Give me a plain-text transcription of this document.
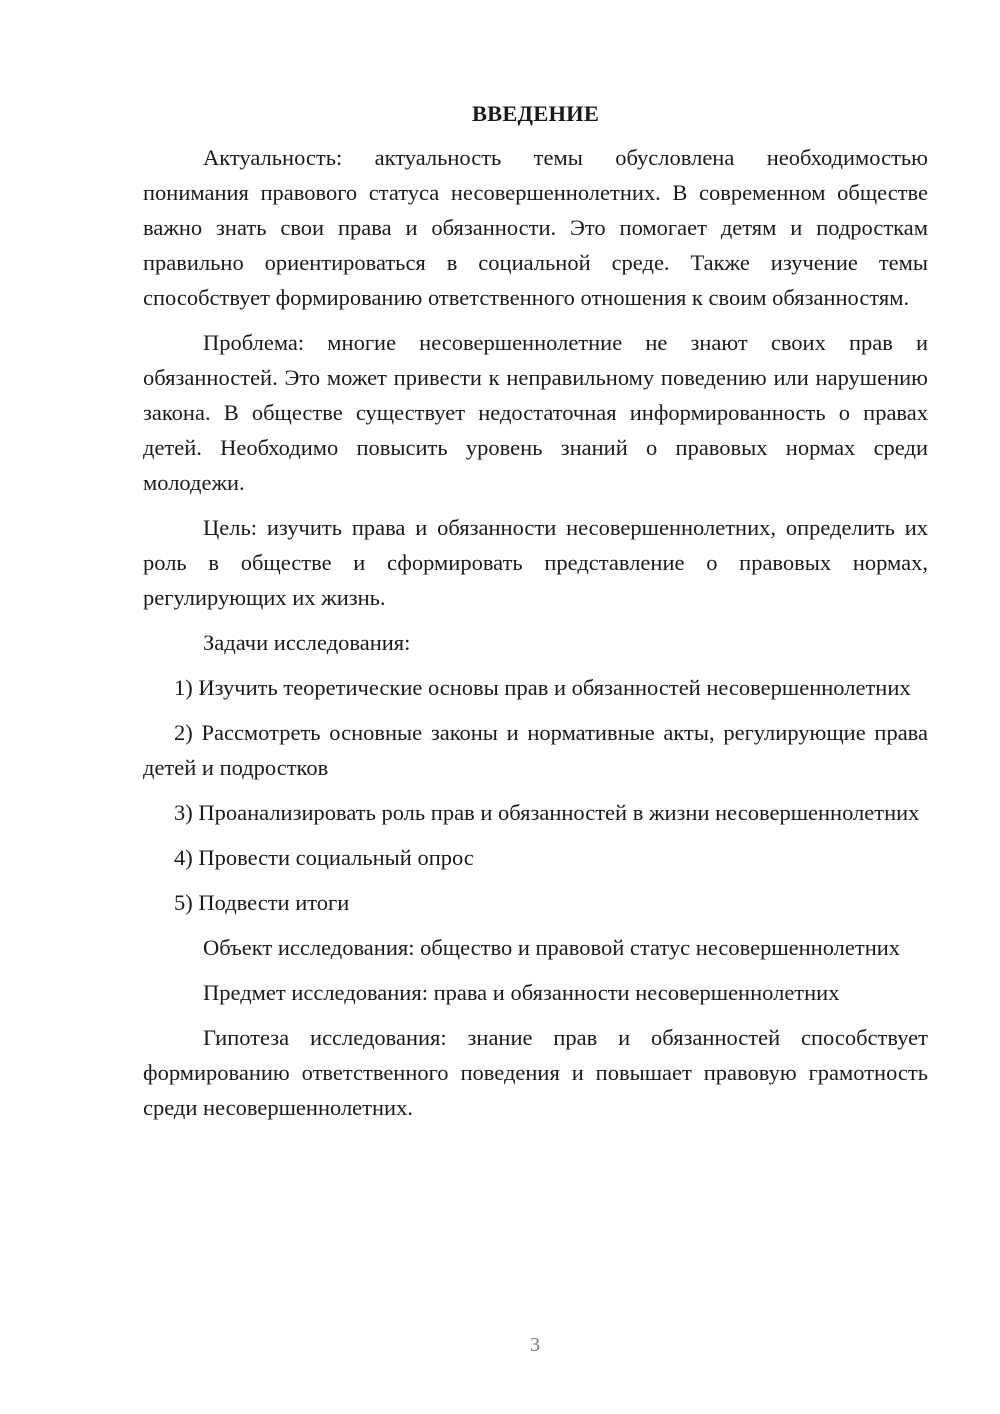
ВВЕДЕНИЕ

Актуальность: актуальность темы обусловлена необходимостью понимания правового статуса несовершеннолетних. В современном обществе важно знать свои права и обязанности. Это помогает детям и подросткам правильно ориентироваться в социальной среде. Также изучение темы способствует формированию ответственного отношения к своим обязанностям.

Проблема: многие несовершеннолетние не знают своих прав и обязанностей. Это может привести к неправильному поведению или нарушению закона. В обществе существует недостаточная информированность о правах детей. Необходимо повысить уровень знаний о правовых нормах среди молодежи.

Цель: изучить права и обязанности несовершеннолетних, определить их роль в обществе и сформировать представление о правовых нормах, регулирующих их жизнь.

Задачи исследования:

1) Изучить теоретические основы прав и обязанностей несовершеннолетних

2) Рассмотреть основные законы и нормативные акты, регулирующие права детей и подростков

3) Проанализировать роль прав и обязанностей в жизни несовершеннолетних

4) Провести социальный опрос

5) Подвести итоги

Объект исследования: общество и правовой статус несовершеннолетних

Предмет исследования: права и обязанности несовершеннолетних

Гипотеза исследования: знание прав и обязанностей способствует формированию ответственного поведения и повышает правовую грамотность среди несовершеннолетних.

3
